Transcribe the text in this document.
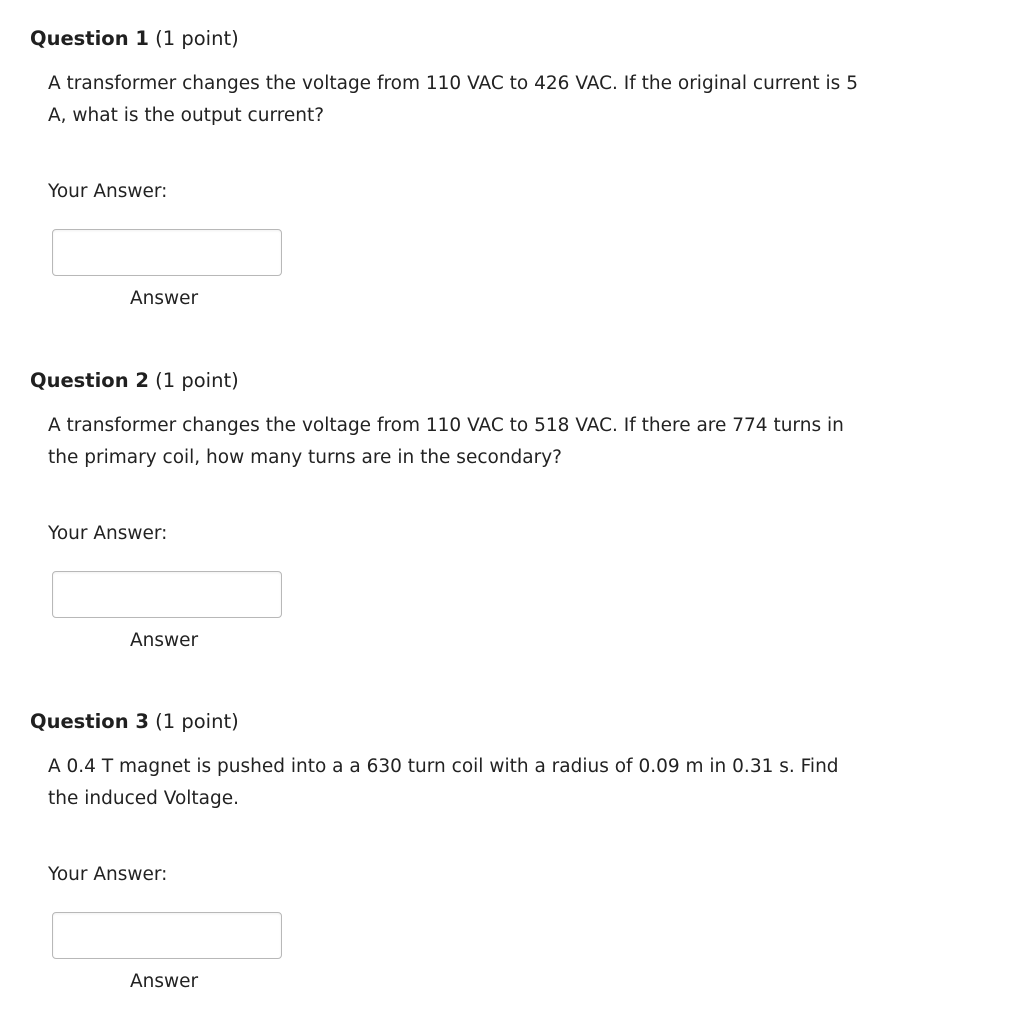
Question 1 (1 point)
A transformer changes the voltage from 110 VAC to 426 VAC. If the original current is 5 A, what is the output current?
Your Answer:
Answer
Question 2 (1 point)
A transformer changes the voltage from 110 VAC to 518 VAC. If there are 774 turns in the primary coil, how many turns are in the secondary?
Your Answer:
Answer
Question 3 (1 point)
A 0.4 T magnet is pushed into a a 630 turn coil with a radius of 0.09 m in 0.31 s. Find the induced Voltage.
Your Answer:
Answer
